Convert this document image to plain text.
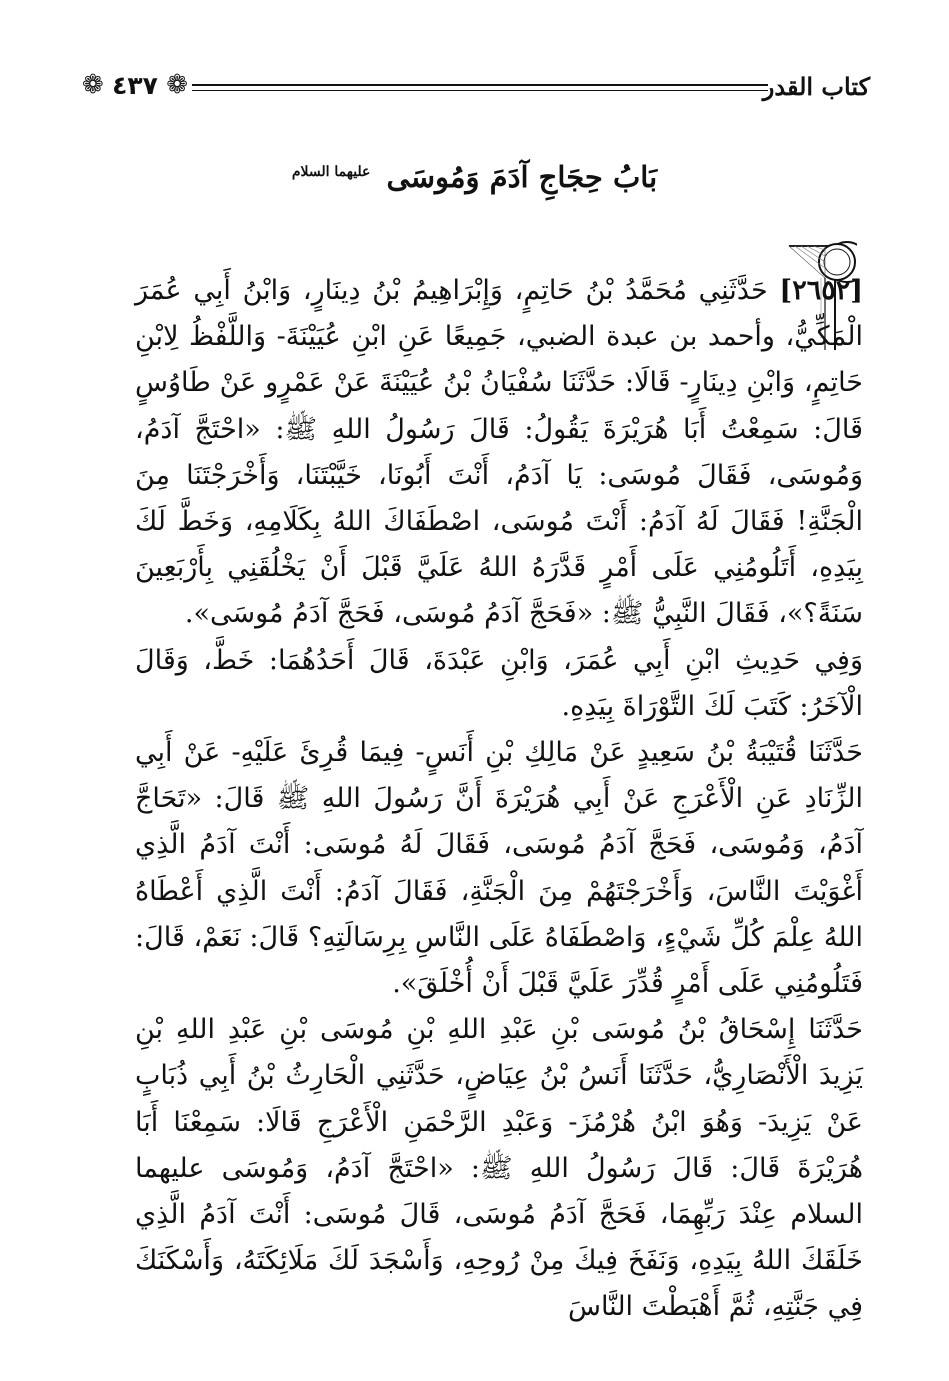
❁ ٤٣٧ ❁	كتاب القدر
بَابُ حِجَاجِ آدَمَ وَمُوسَى $^{عليهما السلام}$

[٢٦٥٢] حَدَّثَنِي مُحَمَّدُ بْنُ حَاتِمٍ، وَإِبْرَاهِيمُ بْنُ دِينَارٍ، وَابْنُ أَبِي عُمَرَ الْمَكِّيُّ، وأحمد بن عبدة الضبي، جَمِيعًا عَنِ ابْنِ عُيَيْنَةَ- وَاللَّفْظُ لِابْنِ حَاتِمٍ، وَابْنِ دِينَارٍ- قَالَا: حَدَّثَنَا سُفْيَانُ بْنُ عُيَيْنَةَ عَنْ عَمْرٍو عَنْ طَاوُسٍ قَالَ: سَمِعْتُ أَبَا هُرَيْرَةَ يَقُولُ: قَالَ رَسُولُ اللهِ ﷺ: «احْتَجَّ آدَمُ، وَمُوسَى، فَقَالَ مُوسَى: يَا آدَمُ، أَنْتَ أَبُونَا، خَيَّبْتَنَا، وَأَخْرَجْتَنَا مِنَ الْجَنَّةِ! فَقَالَ لَهُ آدَمُ: أَنْتَ مُوسَى، اصْطَفَاكَ اللهُ بِكَلَامِهِ، وَخَطَّ لَكَ بِيَدِهِ، أَتَلُومُنِي عَلَى أَمْرٍ قَدَّرَهُ اللهُ عَلَيَّ قَبْلَ أَنْ يَخْلُقَنِي بِأَرْبَعِينَ سَنَةً؟»، فَقَالَ النَّبِيُّ ﷺ: «فَحَجَّ آدَمُ مُوسَى، فَحَجَّ آدَمُ مُوسَى».

وَفِي حَدِيثِ ابْنِ أَبِي عُمَرَ، وَابْنِ عَبْدَةَ، قَالَ أَحَدُهُمَا: خَطَّ، وَقَالَ الْآخَرُ: كَتَبَ لَكَ التَّوْرَاةَ بِيَدِهِ.

حَدَّثَنَا قُتَيْبَةُ بْنُ سَعِيدٍ عَنْ مَالِكِ بْنِ أَنَسٍ- فِيمَا قُرِئَ عَلَيْهِ- عَنْ أَبِي الزِّنَادِ عَنِ الْأَعْرَجِ عَنْ أَبِي هُرَيْرَةَ أَنَّ رَسُولَ اللهِ ﷺ قَالَ: «تَحَاجَّ آدَمُ، وَمُوسَى، فَحَجَّ آدَمُ مُوسَى، فَقَالَ لَهُ مُوسَى: أَنْتَ آدَمُ الَّذِي أَغْوَيْتَ النَّاسَ، وَأَخْرَجْتَهُمْ مِنَ الْجَنَّةِ، فَقَالَ آدَمُ: أَنْتَ الَّذِي أَعْطَاهُ اللهُ عِلْمَ كُلِّ شَيْءٍ، وَاصْطَفَاهُ عَلَى النَّاسِ بِرِسَالَتِهِ؟ قَالَ: نَعَمْ، قَالَ: فَتَلُومُنِي عَلَى أَمْرٍ قُدِّرَ عَلَيَّ قَبْلَ أَنْ أُخْلَقَ».

حَدَّثَنَا إِسْحَاقُ بْنُ مُوسَى بْنِ عَبْدِ اللهِ بْنِ مُوسَى بْنِ عَبْدِ اللهِ بْنِ يَزِيدَ الْأَنْصَارِيُّ، حَدَّثَنَا أَنَسُ بْنُ عِيَاضٍ، حَدَّثَنِي الْحَارِثُ بْنُ أَبِي ذُبَابٍ عَنْ يَزِيدَ- وَهُوَ ابْنُ هُرْمُزَ- وَعَبْدِ الرَّحْمَنِ الْأَعْرَجِ قَالَا: سَمِعْنَا أَبَا هُرَيْرَةَ قَالَ: قَالَ رَسُولُ اللهِ ﷺ: «احْتَجَّ آدَمُ، وَمُوسَى عليهما السلام عِنْدَ رَبِّهِمَا، فَحَجَّ آدَمُ مُوسَى، قَالَ مُوسَى: أَنْتَ آدَمُ الَّذِي خَلَقَكَ اللهُ بِيَدِهِ، وَنَفَخَ فِيكَ مِنْ رُوحِهِ، وَأَسْجَدَ لَكَ مَلَائِكَتَهُ، وَأَسْكَنَكَ فِي جَنَّتِهِ، ثُمَّ أَهْبَطْتَ النَّاسَ
